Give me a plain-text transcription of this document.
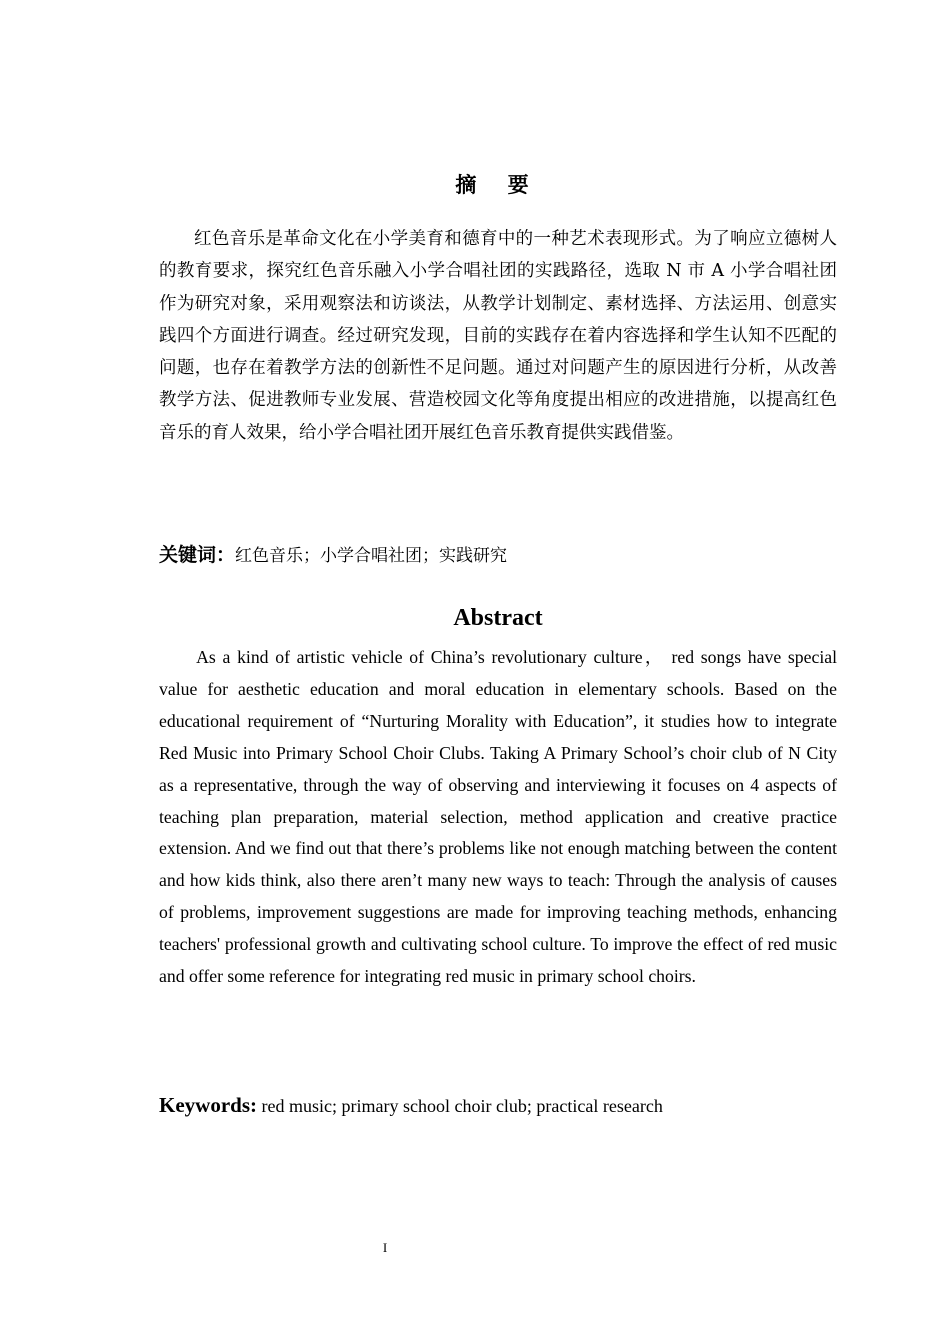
摘 要

红色音乐是革命文化在小学美育和德育中的一种艺术表现形式。为了响应立德树人的教育要求，探究红色音乐融入小学合唱社团的实践路径，选取 N 市 A 小学合唱社团作为研究对象，采用观察法和访谈法，从教学计划制定、素材选择、方法运用、创意实践四个方面进行调查。经过研究发现，目前的实践存在着内容选择和学生认知不匹配的问题，也存在着教学方法的创新性不足问题。通过对问题产生的原因进行分析，从改善教学方法、促进教师专业发展、营造校园文化等角度提出相应的改进措施，以提高红色音乐的育人效果，给小学合唱社团开展红色音乐教育提供实践借鉴。

关键词：红色音乐；小学合唱社团；实践研究
Abstract

As a kind of artistic vehicle of China’s revolutionary culture， red songs have special value for aesthetic education and moral education in elementary schools. Based on the educational requirement of “Nurturing Morality with Education”, it studies how to integrate Red Music into Primary School Choir Clubs. Taking A Primary School’s choir club of N City as a representative, through the way of observing and interviewing it focuses on 4 aspects of teaching plan preparation, material selection, method application and creative practice extension. And we find out that there’s problems like not enough matching between the content and how kids think, also there aren’t many new ways to teach: Through the analysis of causes of problems, improvement suggestions are made for improving teaching methods, enhancing teachers' professional growth and cultivating school culture. To improve the effect of red music and offer some reference for integrating red music in primary school choirs.

Keywords: red music; primary school choir club; practical research
I
